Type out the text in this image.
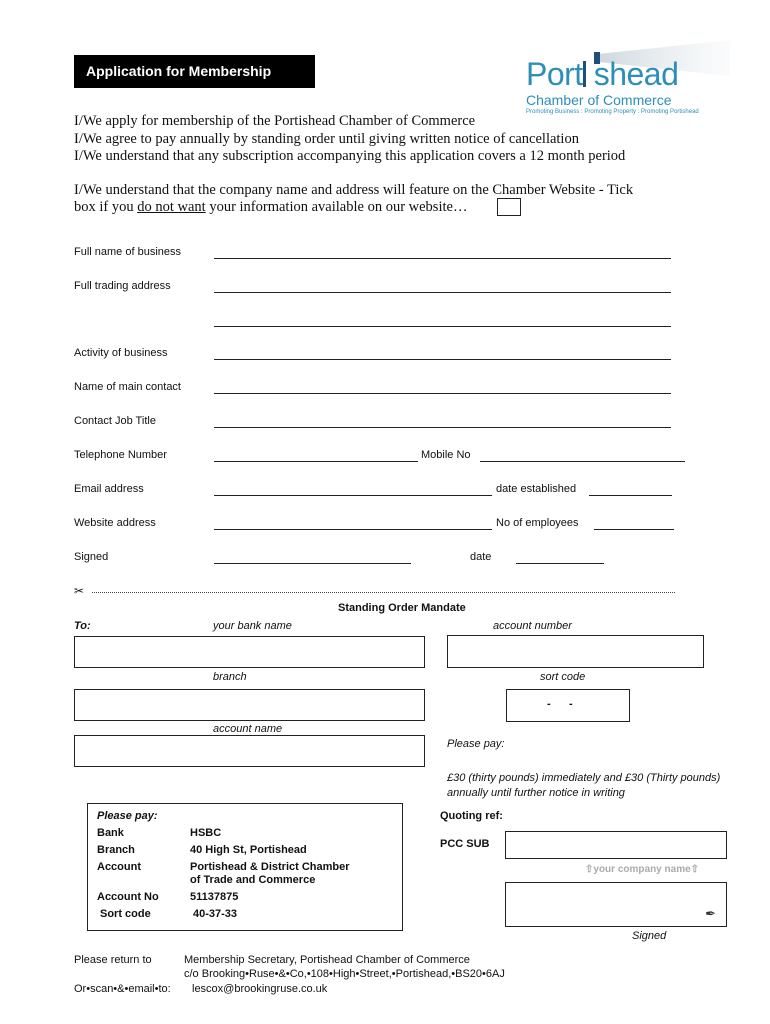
Application for Membership	Port shead
Chamber of Commerce
Promoting Business : Promoting Property : Promoting Portishead
I/We apply for membership of the Portishead Chamber of Commerce
I/We agree to pay annually by standing order until giving written notice of cancellation
I/We understand that any subscription accompanying this application covers a 12 month period
I/We understand that the company name and address will feature on the Chamber Website - Tick
box if you do not want your information available on our website…
Full name of business
Full trading address
Activity of business
Name of main contact
Contact Job Title
Telephone Number	Mobile No
Email address	date established
Website address	No of employees
Signed	date
✂
Standing Order Mandate
To:	your bank name	account number
branch	sort code
-      -
account name
Please pay:
£30 (thirty pounds) immediately and £30 (Thirty pounds)
annually until further notice in writing
Please pay:
Bank	HSBC
Branch	40 High St, Portishead
Account	Portishead & District Chamber
of Trade and Commerce
Account No	51137875
Sort code	40-37-33
Quoting ref:
PCC SUB
⇧your company name⇧
✒
Signed
Please return to	Membership Secretary, Portishead Chamber of Commerce
c/o Brooking•Ruse•&•Co,•108•High•Street,•Portishead,•BS20•6AJ
Or•scan•&•email•to: lescox@brookingruse.co.uk
